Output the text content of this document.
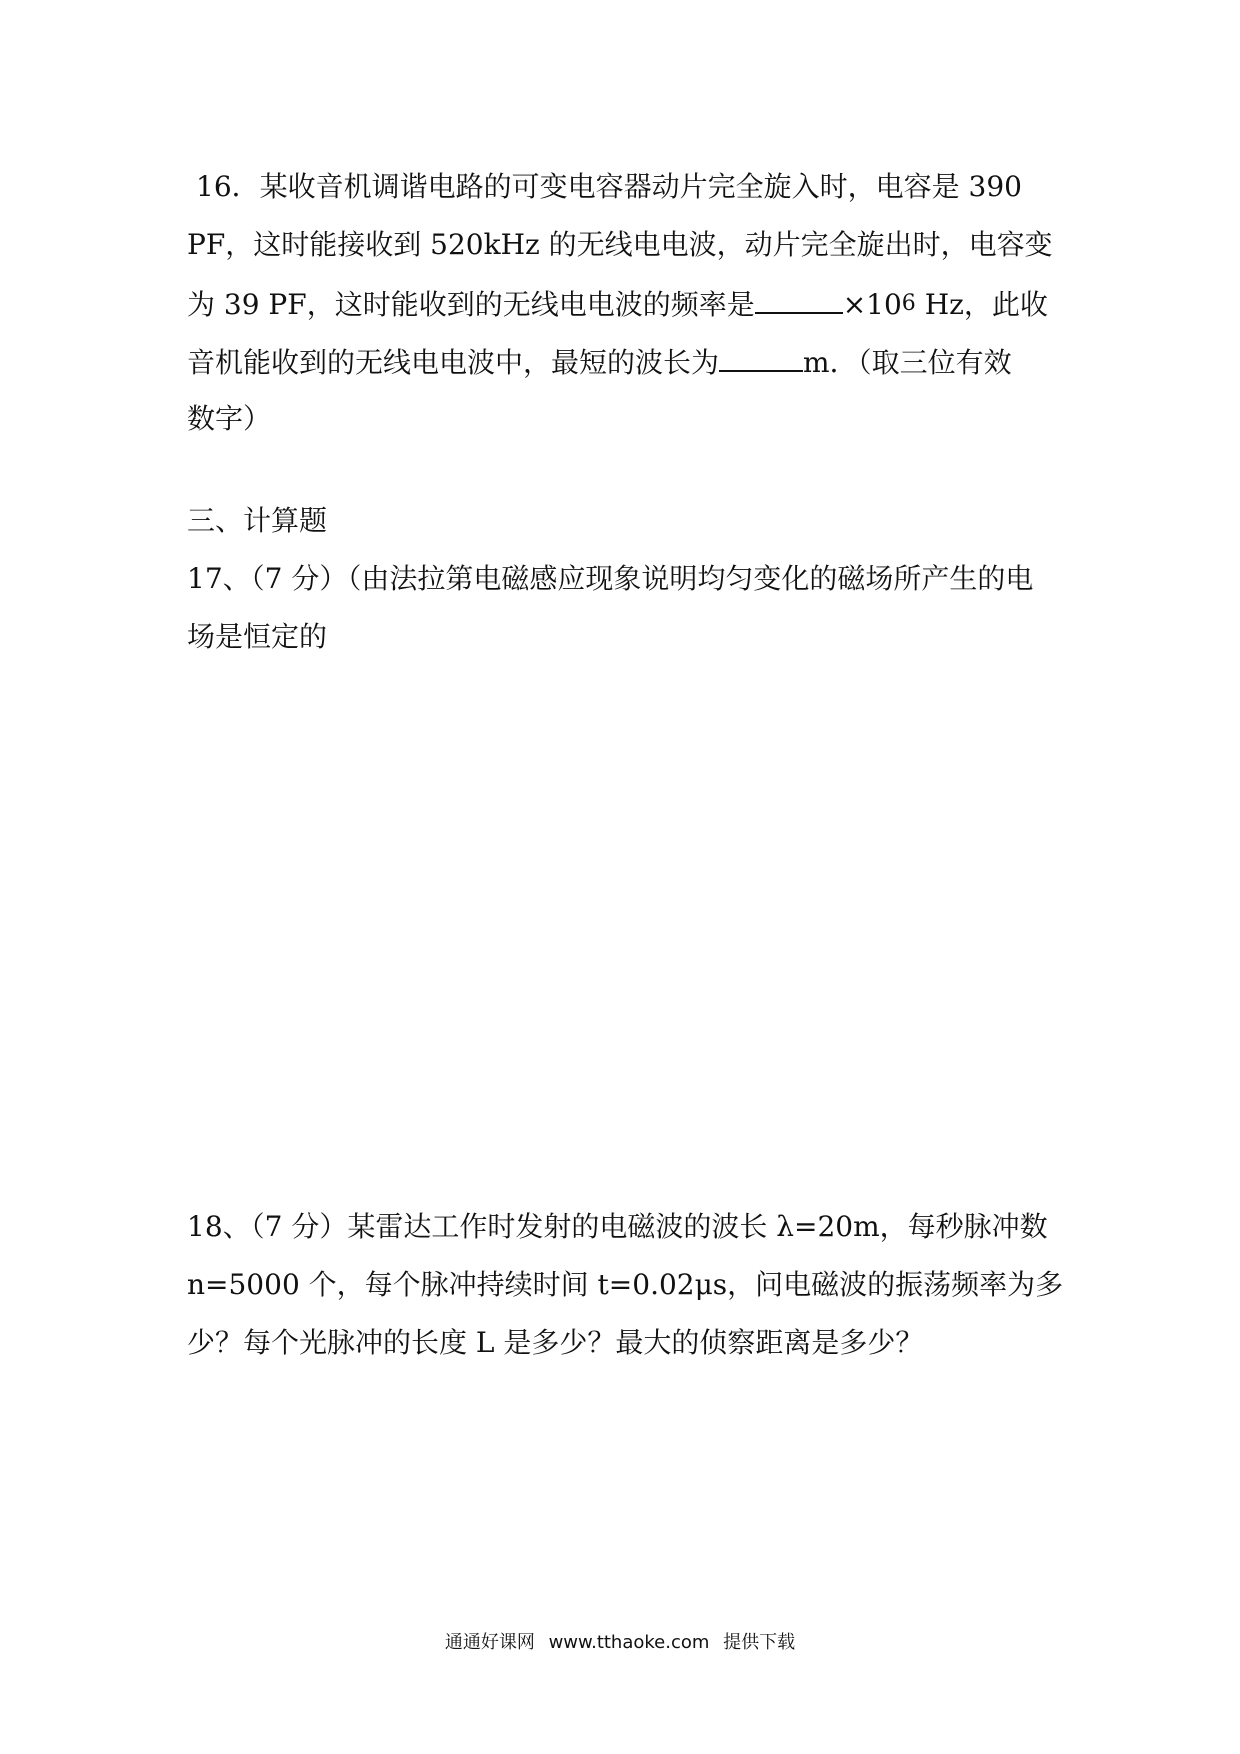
16．某收音机调谐电路的可变电容器动片完全旋入时，电容是 390
PF，这时能接收到 520kHz 的无线电电波，动片完全旋出时，电容变
为 39 PF，这时能收到的无线电电波的频率是	$\times 10^6$ Hz，此收
音机能收到的无线电电波中，最短的波长为	m．（取三位有效
数字）
三、计算题
17、（7 分）（由法拉第电磁感应现象说明均匀变化的磁场所产生的电
场是恒定的
18、（7 分）某雷达工作时发射的电磁波的波长 λ=20m，每秒脉冲数
n=5000 个，每个脉冲持续时间 t=0.02μs，问电磁波的振荡频率为多
少？每个光脉冲的长度 L 是多少？最大的侦察距离是多少？
通通好课网 www.tthaoke.com 提供下载
